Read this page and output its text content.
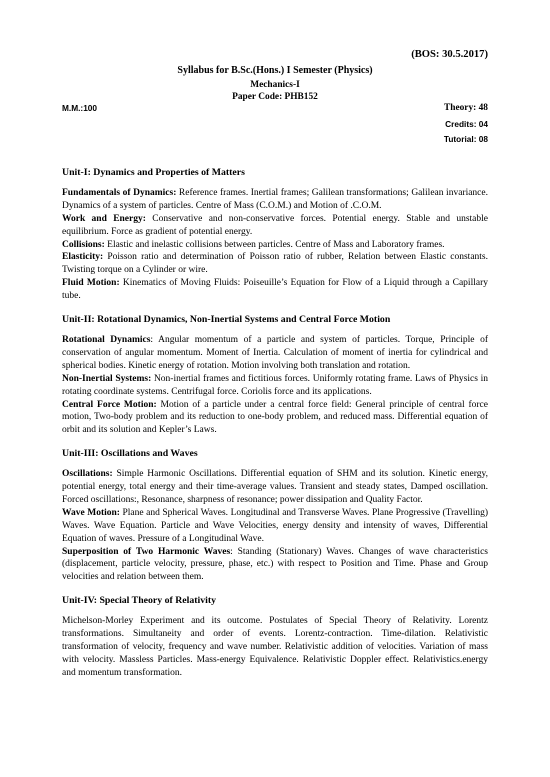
(BOS: 30.5.2017)
Syllabus for B.Sc.(Hons.) I Semester (Physics)
Mechanics-I
Paper Code: PHB152
M.M.:100	Theory: 48
Credits: 04
Tutorial: 08

Unit-I: Dynamics and Properties of Matters

Fundamentals of Dynamics: Reference frames. Inertial frames; Galilean transformations; Galilean invariance. Dynamics of a system of particles. Centre of Mass (C.O.M.) and Motion of .C.O.M.

Work and Energy: Conservative and non-conservative forces. Potential energy. Stable and unstable equilibrium. Force as gradient of potential energy.

Collisions: Elastic and inelastic collisions between particles. Centre of Mass and Laboratory frames.

Elasticity: Poisson ratio and determination of Poisson ratio of rubber, Relation between Elastic constants. Twisting torque on a Cylinder or wire.

Fluid Motion: Kinematics of Moving Fluids: Poiseuille’s Equation for Flow of a Liquid through a Capillary tube.

Unit-II: Rotational Dynamics, Non-Inertial Systems and Central Force Motion

Rotational Dynamics: Angular momentum of a particle and system of particles. Torque, Principle of conservation of angular momentum. Moment of Inertia. Calculation of moment of inertia for cylindrical and spherical bodies. Kinetic energy of rotation. Motion involving both translation and rotation.

Non-Inertial Systems: Non-inertial frames and fictitious forces. Uniformly rotating frame. Laws of Physics in rotating coordinate systems. Centrifugal force. Coriolis force and its applications.

Central Force Motion: Motion of a particle under a central force field: General principle of central force motion, Two-body problem and its reduction to one-body problem, and reduced mass. Differential equation of orbit and its solution and Kepler’s Laws.

Unit-III: Oscillations and Waves

Oscillations: Simple Harmonic Oscillations. Differential equation of SHM and its solution. Kinetic energy, potential energy, total energy and their time-average values. Transient and steady states, Damped oscillation. Forced oscillations:, Resonance, sharpness of resonance; power dissipation and Quality Factor.

Wave Motion: Plane and Spherical Waves. Longitudinal and Transverse Waves. Plane Progressive (Travelling) Waves. Wave Equation. Particle and Wave Velocities, energy density and intensity of waves, Differential Equation of waves. Pressure of a Longitudinal Wave.

Superposition of Two Harmonic Waves: Standing (Stationary) Waves. Changes of wave characteristics (displacement, particle velocity, pressure, phase, etc.) with respect to Position and Time. Phase and Group velocities and relation between them.

Unit-IV: Special Theory of Relativity

Michelson-Morley Experiment and its outcome. Postulates of Special Theory of Relativity. Lorentz transformations. Simultaneity and order of events. Lorentz-contraction. Time-dilation. Relativistic transformation of velocity, frequency and wave number. Relativistic addition of velocities. Variation of mass with velocity. Massless Particles. Mass-energy Equivalence. Relativistic Doppler effect. Relativistics.energy and momentum transformation.
